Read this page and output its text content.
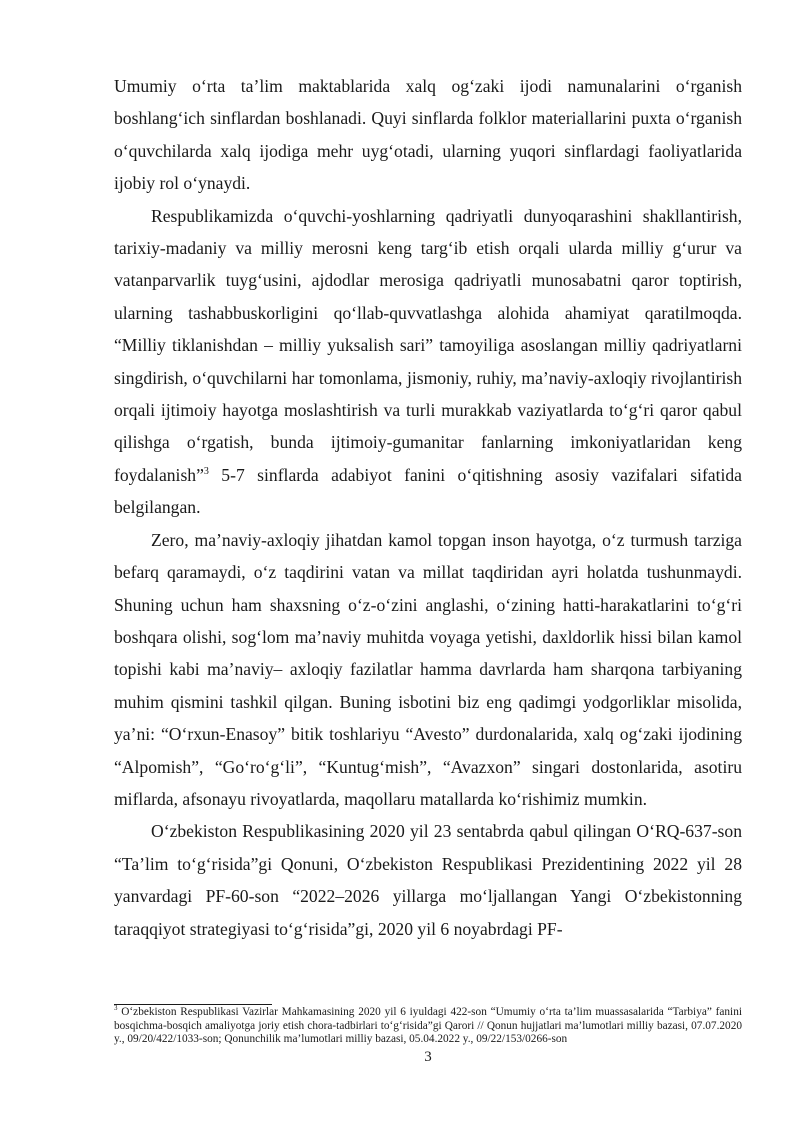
Umumiy o‘rta ta’lim maktablarida xalq og‘zaki ijodi namunalarini o‘rganish boshlang‘ich sinflardan boshlanadi. Quyi sinflarda folklor materiallarini puxta o‘rganish o‘quvchilarda xalq ijodiga mehr uyg‘otadi, ularning yuqori sinflardagi faoliyatlarida ijobiy rol o‘ynaydi.

Respublikamizda o‘quvchi-yoshlarning qadriyatli dunyoqarashini shakllantirish, tarixiy-madaniy va milliy merosni keng targ‘ib etish orqali ularda milliy g‘urur va vatanparvarlik tuyg‘usini, ajdodlar merosiga qadriyatli munosabatni qaror toptirish, ularning tashabbuskorligini qo‘llab-quvvatlashga alohida ahamiyat qaratilmoqda. “Milliy tiklanishdan – milliy yuksalish sari” tamoyiliga asoslangan milliy qadriyatlarni singdirish, o‘quvchilarni har tomonlama, jismoniy, ruhiy, ma’naviy-axloqiy rivojlantirish orqali ijtimoiy hayotga moslashtirish va turli murakkab vaziyatlarda to‘g‘ri qaror qabul qilishga o‘rgatish, bunda ijtimoiy-gumanitar fanlarning imkoniyatlaridan keng foydalanish”$^3$ 5-7 sinflarda adabiyot fanini o‘qitishning asosiy vazifalari sifatida belgilangan.

Zero, ma’naviy-axloqiy jihatdan kamol topgan inson hayotga, o‘z turmush tarziga befarq qaramaydi, o‘z taqdirini vatan va millat taqdiridan ayri holatda tushunmaydi. Shuning uchun ham shaxsning o‘z-o‘zini anglashi, o‘zining hatti-harakatlarini to‘g‘ri boshqara olishi, sog‘lom ma’naviy muhitda voyaga yetishi, daxldorlik hissi bilan kamol topishi kabi ma’naviy– axloqiy fazilatlar hamma davrlarda ham sharqona tarbiyaning muhim qismini tashkil qilgan. Buning isbotini biz eng qadimgi yodgorliklar misolida, ya’ni: “O‘rxun-Enasoy” bitik toshlariyu “Avesto” durdonalarida, xalq og‘zaki ijodining “Alpomish”, “Go‘ro‘g‘li”, “Kuntug‘mish”, “Avazxon” singari dostonlarida, asotiru miflarda, afsonayu rivoyatlarda, maqollaru matallarda ko‘rishimiz mumkin.

O‘zbekiston Respublikasining 2020 yil 23 sentabrda qabul qilingan O‘RQ-637-son “Ta’lim to‘g‘risida”gi Qonuni, O‘zbekiston Respublikasi Prezidentining 2022 yil 28 yanvardagi PF-60-son “2022–2026 yillarga mo‘ljallangan Yangi O‘zbekistonning taraqqiyot strategiyasi to‘g‘risida”gi, 2020 yil 6 noyabrdagi PF-

$^3$ O‘zbekiston Respublikasi Vazirlar Mahkamasining 2020 yil 6 iyuldagi 422-son “Umumiy o‘rta ta’lim muassasalarida “Tarbiya” fanini bosqichma-bosqich amaliyotga joriy etish chora-tadbirlari to‘g‘risida”gi Qarori // Qonun hujjatlari ma’lumotlari milliy bazasi, 07.07.2020 y., 09/20/422/1033-son; Qonunchilik ma’lumotlari milliy bazasi, 05.04.2022 y., 09/22/153/0266-son

3
